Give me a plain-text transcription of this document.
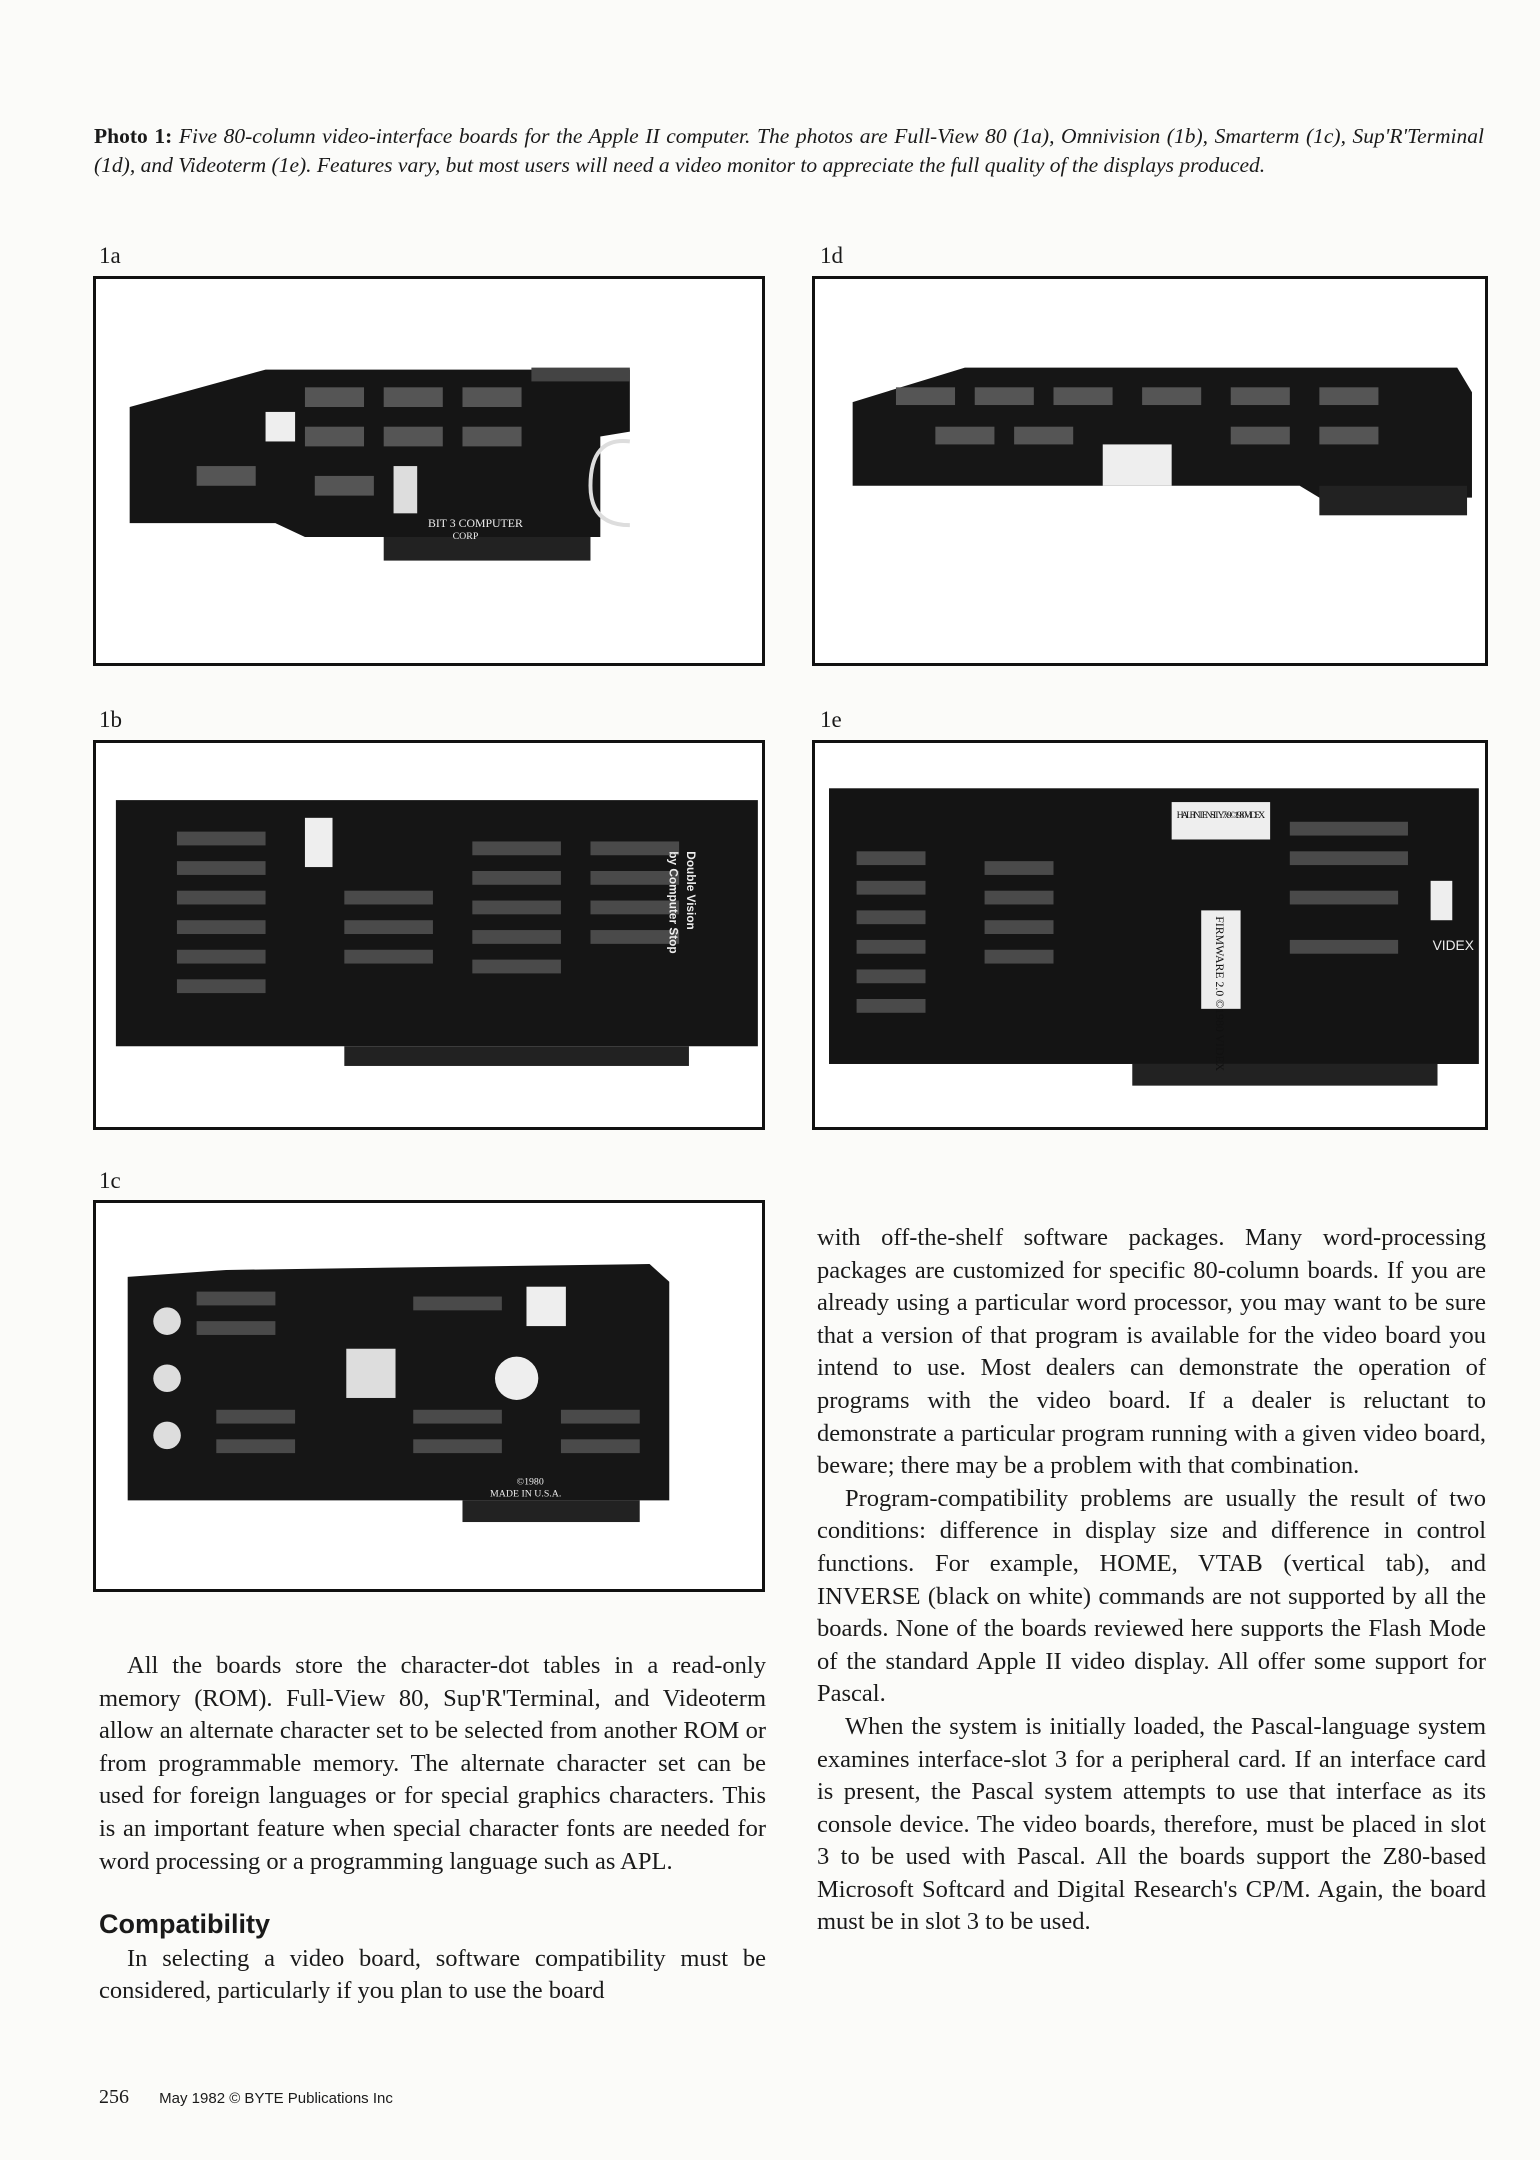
Photo 1: Five 80-column video-interface boards for the Apple II computer. The photos are Full-View 80 (1a), Omnivision (1b), Smarterm (1c), Sup'R'Terminal (1d), and Videoterm (1e). Features vary, but most users will need a video monitor to appreciate the full quality of the displays produced.
1a
BIT 3 COMPUTER
CORP
1d
1b
Double Vision
by Computer Stop
1e
HALF INTENSITY 7x9 ©1980 VIDEX
FIRMWARE 2.0 ©1980 VIDEX	VIDEX
1c
MADE IN U.S.A.
©1980

All the boards store the character-dot tables in a read-only memory (ROM). Full-View 80, Sup'R'Terminal, and Videoterm allow an alternate character set to be selected from another ROM or from programmable memory. The alternate character set can be used for foreign languages or for special graphics characters. This is an important feature when special character fonts are needed for word processing or a programming language such as APL.

Compatibility

In selecting a video board, software compatibility must be considered, particularly if you plan to use the board

with off-the-shelf software packages. Many word-processing packages are customized for specific 80-column boards. If you are already using a particular word processor, you may want to be sure that a version of that program is available for the video board you intend to use. Most dealers can demonstrate the operation of programs with the video board. If a dealer is reluctant to demonstrate a particular program running with a given video board, beware; there may be a problem with that combination.

Program-compatibility problems are usually the result of two conditions: difference in display size and difference in control functions. For example, HOME, VTAB (vertical tab), and INVERSE (black on white) commands are not supported by all the boards. None of the boards reviewed here supports the Flash Mode of the standard Apple II video display. All offer some support for Pascal.

When the system is initially loaded, the Pascal-language system examines interface-slot 3 for a peripheral card. If an interface card is present, the Pascal system attempts to use that interface as its console device. The video boards, therefore, must be placed in slot 3 to be used with Pascal. All the boards support the Z80-based Microsoft Softcard and Digital Research's CP/M. Again, the board must be in slot 3 to be used.

256 May 1982 © BYTE Publications Inc
